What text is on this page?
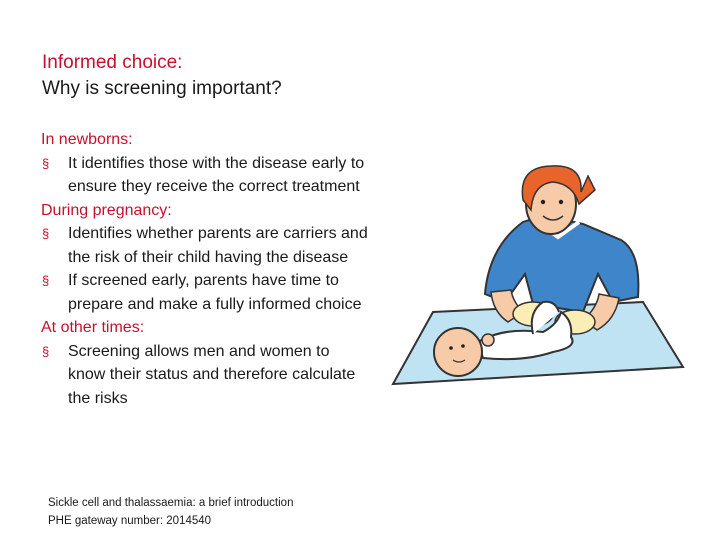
Informed choice:
Why is screening important?
In newborns:
§ It identifies those with the disease early to ensure they receive the correct treatment
During pregnancy:
§ Identifies whether parents are carriers and the risk of their child having the disease
§ If screened early, parents have time to prepare and make a fully informed choice
At other times:
§ Screening allows men and women to know their status and therefore calculate the risks
Sickle cell and thalassaemia: a brief introduction
PHE gateway number: 2014540
